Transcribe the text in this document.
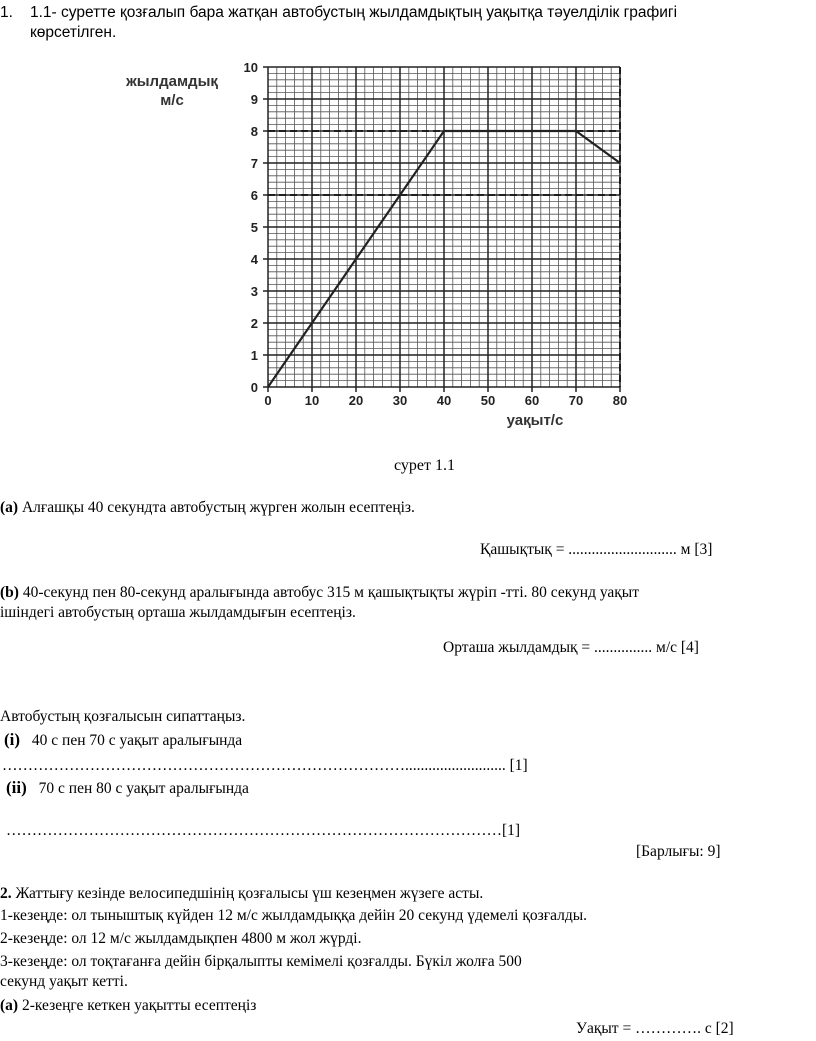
0	10 20 30 40 50 60 70 80
0
1
2
3
4
5
6
7
8
9
10
жылдамдық
м/с
уақыт/с
1. 1.1- суретте қозғалып бара жатқан автобустың жылдамдықтың уақытқа тәуелділік графигі
көрсетілген.
сурет 1.1
(a) Алғашқы 40 секундта автобустың жүрген жолын есептеңіз.
Қашықтық = ............................ м [3]
(b) 40-секунд пен 80-секунд аралығында автобус 315 м қашықтықты жүріп -тті. 80 секунд уақыт
ішіндегі автобустың орташа жылдамдығын есептеңіз.
Орташа жылдамдық = ............... м/с [4]
Автобустың қозғалысын сипаттаңыз.
(i) 40 с пен 70 с уақыт аралығында
…………………………………………………………………….......................... [1]
(ii) 70 с пен 80 с уақыт аралығында
……………………………………………………………………………………[1]
[Барлығы: 9]
2. Жаттығу кезінде велосипедшінің қозғалысы үш кезеңмен жүзеге асты.
1-кезеңде: ол тыныштық күйден 12 м/с жылдамдыққа дейін 20 секунд үдемелі қозғалды.
2-кезеңде: ол 12 м/с жылдамдықпен 4800 м жол жүрді.
3-кезеңде: ол тоқтағанға дейін бірқалыпты кемімелі қозғалды. Бүкіл жолға 500
секунд уақыт кетті.
(a) 2-кезеңге кеткен уақытты есептеңіз
Уақыт = …………. с [2]
